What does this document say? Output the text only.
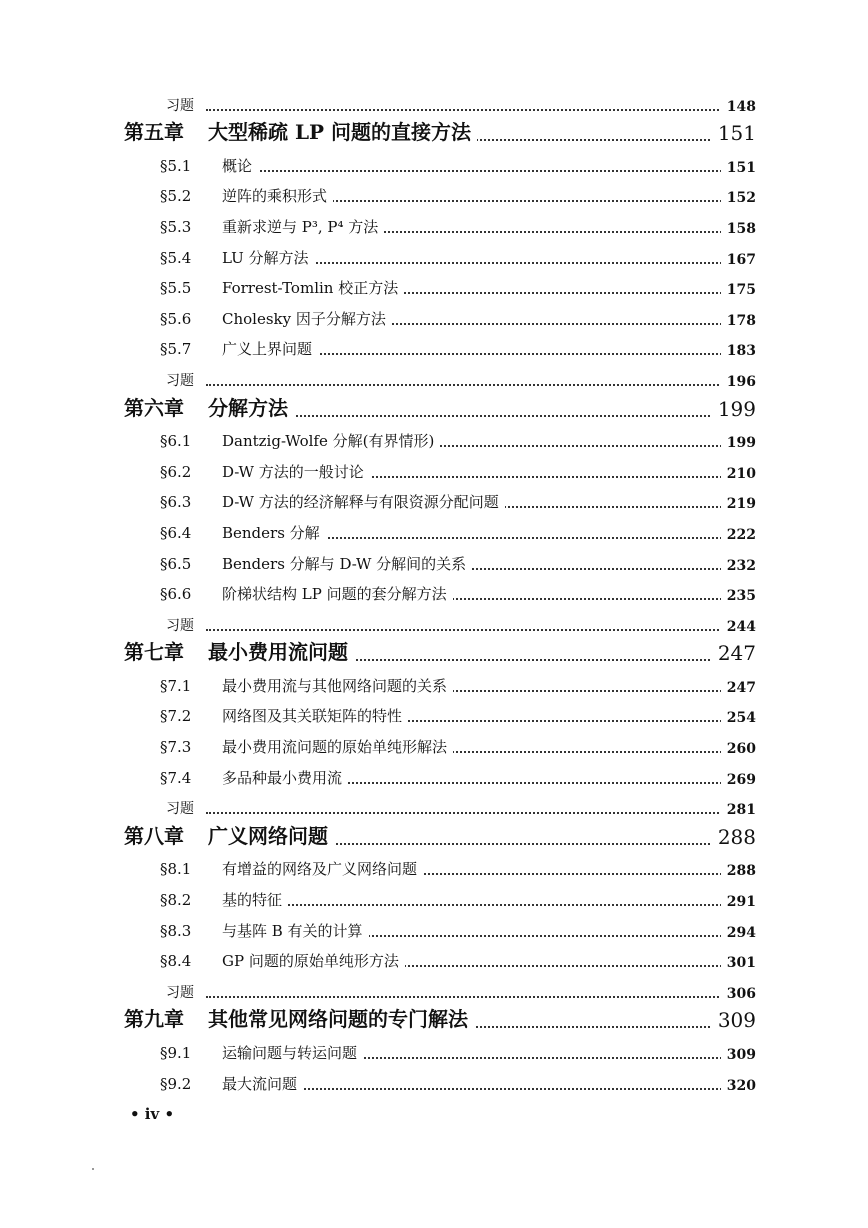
习题	148
第五章 大型稀疏 LP 问题的直接方法	151
§5.1 概论	151
§5.2 逆阵的乘积形式	152
§5.3 重新求逆与 P³, P⁴ 方法	158
§5.4 LU 分解方法	167
§5.5 Forrest-Tomlin 校正方法	175
§5.6 Cholesky 因子分解方法	178
§5.7 广义上界问题	183
习题	196
第六章 分解方法	199
§6.1 Dantzig-Wolfe 分解(有界情形)	199
§6.2 D-W 方法的一般讨论	210
§6.3 D-W 方法的经济解释与有限资源分配问题	219
§6.4 Benders 分解	222
§6.5 Benders 分解与 D-W 分解间的关系	232
§6.6 阶梯状结构 LP 问题的套分解方法	235
习题	244
第七章 最小费用流问题	247
§7.1 最小费用流与其他网络问题的关系	247
§7.2 网络图及其关联矩阵的特性	254
§7.3 最小费用流问题的原始单纯形解法	260
§7.4 多品种最小费用流	269
习题	281
第八章 广义网络问题	288
§8.1 有增益的网络及广义网络问题	288
§8.2 基的特征	291
§8.3 与基阵 B 有关的计算	294
§8.4 GP 问题的原始单纯形方法	301
习题	306
第九章 其他常见网络问题的专门解法	309
§9.1 运输问题与转运问题	309
§9.2 最大流问题	320
• iv •
